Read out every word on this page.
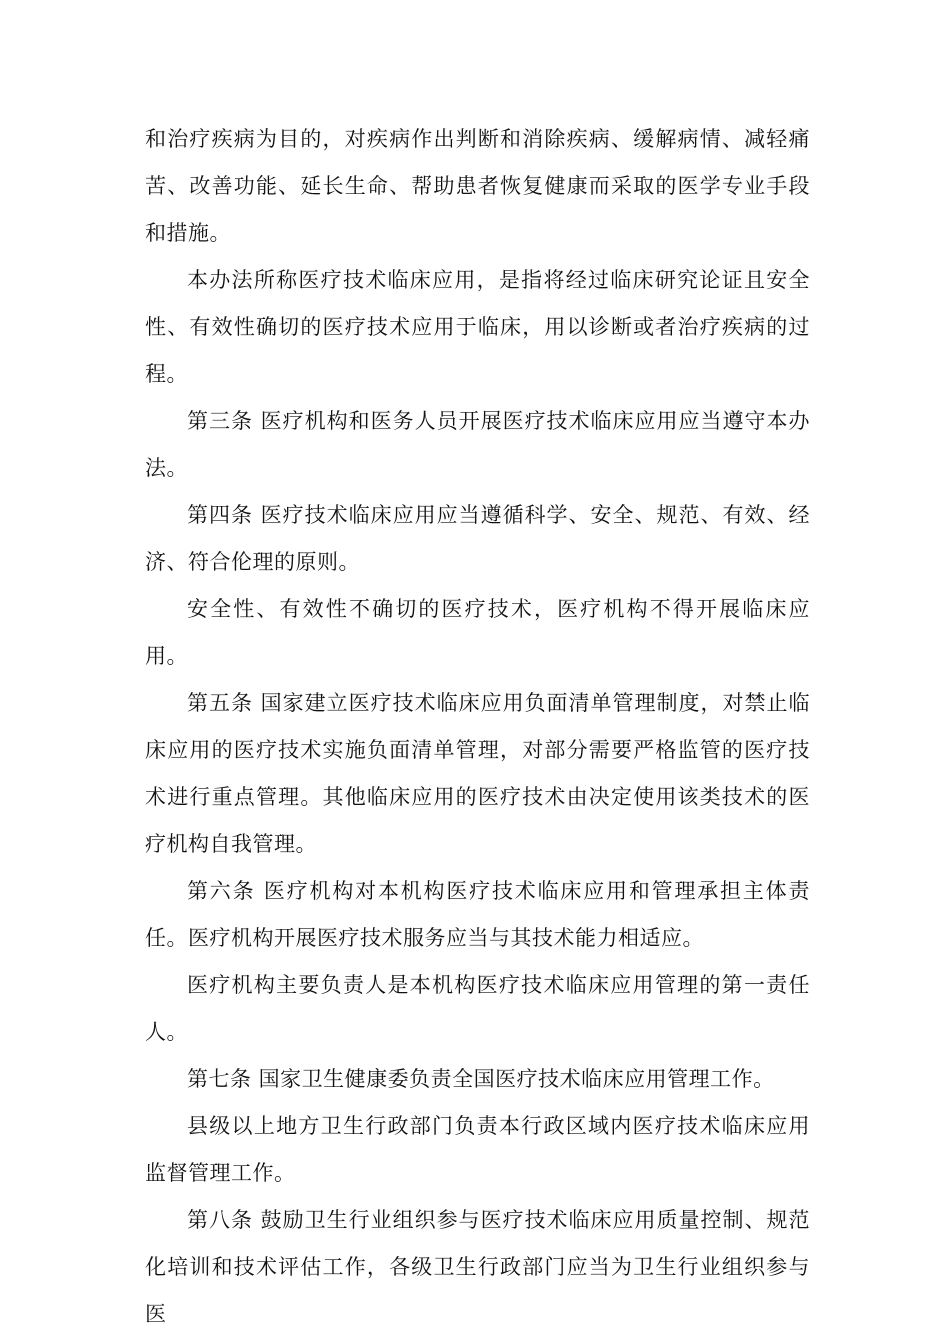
和治疗疾病为目的，对疾病作出判断和消除疾病、缓解病情、减轻痛苦、改善功能、延长生命、帮助患者恢复健康而采取的医学专业手段和措施。

本办法所称医疗技术临床应用，是指将经过临床研究论证且安全性、有效性确切的医疗技术应用于临床，用以诊断或者治疗疾病的过程。

第三条 医疗机构和医务人员开展医疗技术临床应用应当遵守本办法。

第四条 医疗技术临床应用应当遵循科学、安全、规范、有效、经济、符合伦理的原则。

安全性、有效性不确切的医疗技术，医疗机构不得开展临床应用。

第五条 国家建立医疗技术临床应用负面清单管理制度，对禁止临床应用的医疗技术实施负面清单管理，对部分需要严格监管的医疗技术进行重点管理。其他临床应用的医疗技术由决定使用该类技术的医疗机构自我管理。

第六条 医疗机构对本机构医疗技术临床应用和管理承担主体责任。医疗机构开展医疗技术服务应当与其技术能力相适应。

医疗机构主要负责人是本机构医疗技术临床应用管理的第一责任人。

第七条 国家卫生健康委负责全国医疗技术临床应用管理工作。

县级以上地方卫生行政部门负责本行政区域内医疗技术临床应用监督管理工作。

第八条 鼓励卫生行业组织参与医疗技术临床应用质量控制、规范化培训和技术评估工作，各级卫生行政部门应当为卫生行业组织参与医
